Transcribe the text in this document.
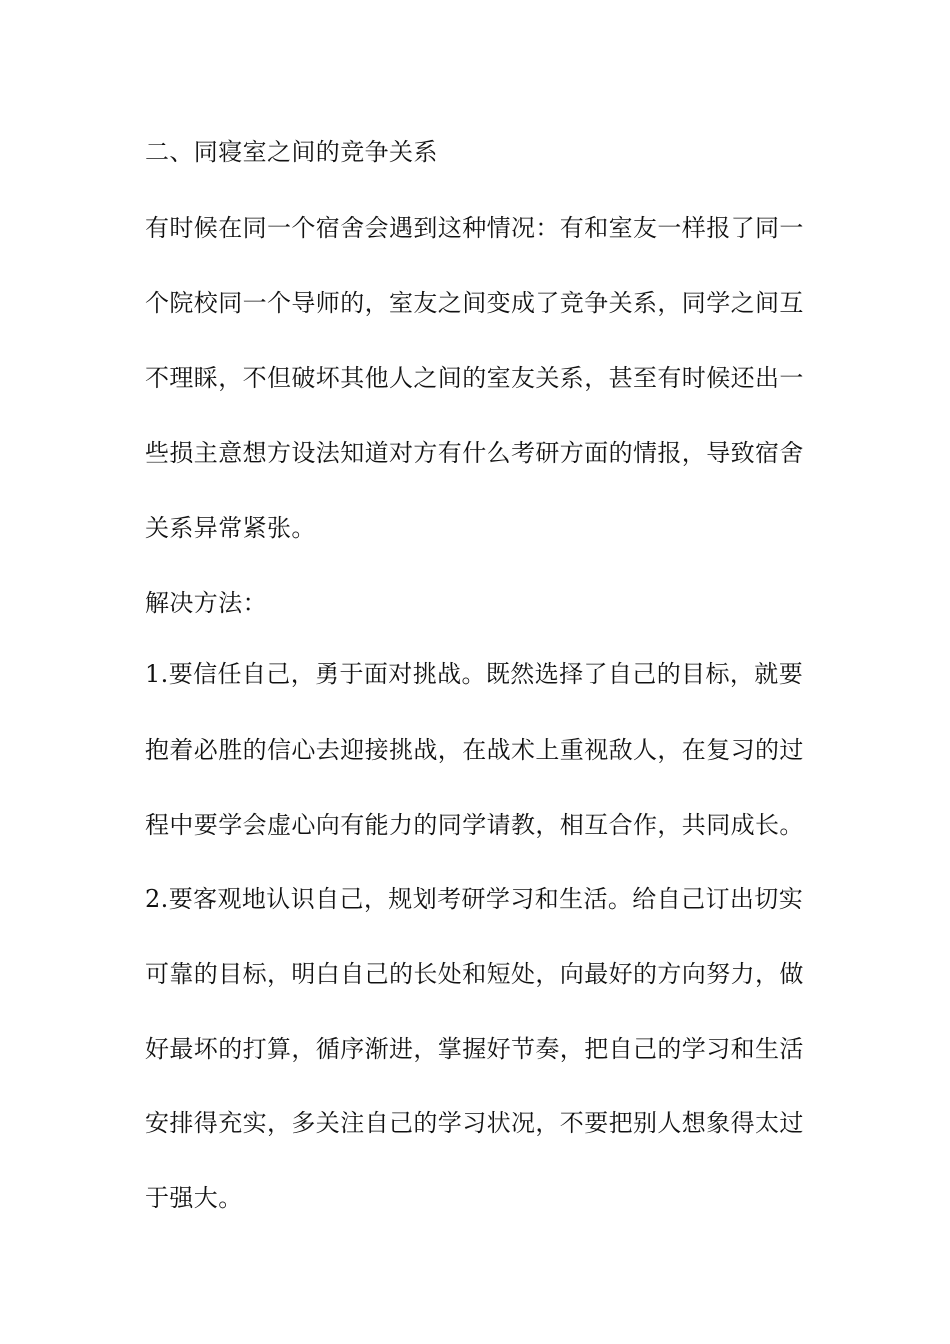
二、同寝室之间的竞争关系
有时候在同一个宿舍会遇到这种情况：有和室友一样报了同一
个院校同一个导师的，室友之间变成了竞争关系，同学之间互
不理睬，不但破坏其他人之间的室友关系，甚至有时候还出一
些损主意想方设法知道对方有什么考研方面的情报，导致宿舍
关系异常紧张。
解决方法：
1.要信任自己，勇于面对挑战。既然选择了自己的目标，就要
抱着必胜的信心去迎接挑战，在战术上重视敌人，在复习的过
程中要学会虚心向有能力的同学请教，相互合作，共同成长。
2.要客观地认识自己，规划考研学习和生活。给自己订出切实
可靠的目标，明白自己的长处和短处，向最好的方向努力，做
好最坏的打算，循序渐进，掌握好节奏，把自己的学习和生活
安排得充实，多关注自己的学习状况，不要把别人想象得太过
于强大。
